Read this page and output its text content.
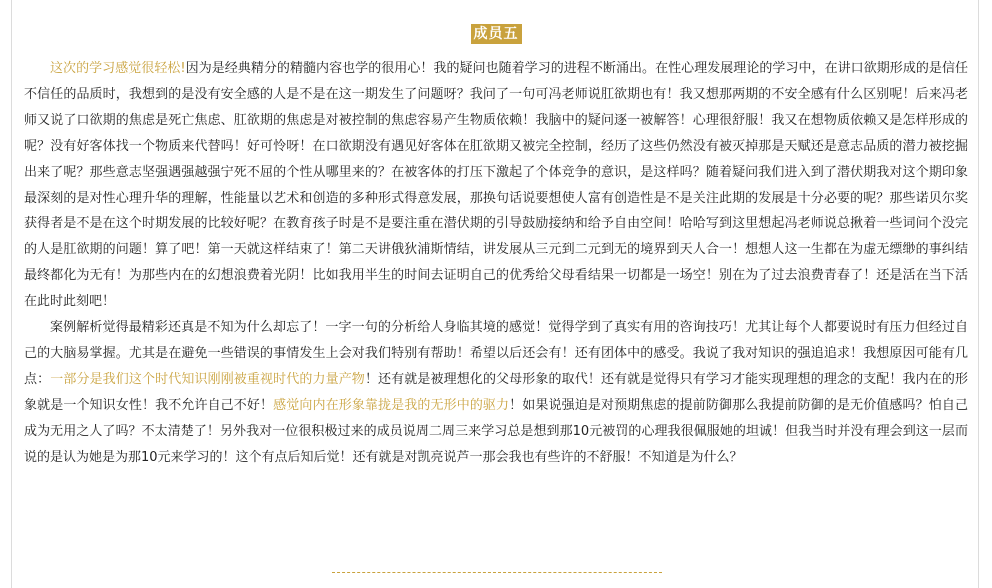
成员五

这次的学习感觉很轻松!因为是经典精分的精髓内容也学的很用心！我的疑问也随着学习的进程不断涌出。在性心理发展理论的学习中，在讲口欲期形成的是信任不信任的品质时，我想到的是没有安全感的人是不是在这一期发生了问题呀？我问了一句可冯老师说肛欲期也有！我又想那两期的不安全感有什么区别呢！后来冯老师又说了口欲期的焦虑是死亡焦虑、肛欲期的焦虑是对被控制的焦虑容易产生物质依赖！我脑中的疑问逐一被解答！心理很舒服！我又在想物质依赖又是怎样形成的呢？没有好客体找一个物质来代替吗！好可怜呀！在口欲期没有遇见好客体在肛欲期又被完全控制，经历了这些仍然没有被灭掉那是天赋还是意志品质的潜力被挖掘出来了呢？那些意志坚强遇强越强宁死不屈的个性从哪里来的？在被客体的打压下激起了个体竞争的意识，是这样吗？随着疑问我们进入到了潜伏期我对这个期印象最深刻的是对性心理升华的理解，性能量以艺术和创造的多种形式得意发展，那换句话说要想使人富有创造性是不是关注此期的发展是十分必要的呢？那些诺贝尔奖获得者是不是在这个时期发展的比较好呢？在教育孩子时是不是要注重在潜伏期的引导鼓励接纳和给予自由空间！哈哈写到这里想起冯老师说总揪着一些词问个没完的人是肛欲期的问题！算了吧！第一天就这样结束了！第二天讲俄狄浦斯情结，讲发展从三元到二元到无的境界到天人合一！想想人这一生都在为虚无缥缈的事纠结最终都化为无有！为那些内在的幻想浪费着光阴！比如我用半生的时间去证明自己的优秀给父母看结果一切都是一场空！别在为了过去浪费青春了！还是活在当下活在此时此刻吧！

案例解析觉得最精彩还真是不知为什么却忘了！一字一句的分析给人身临其境的感觉！觉得学到了真实有用的咨询技巧！尤其让每个人都要说时有压力但经过自己的大脑易掌握。尤其是在避免一些错误的事情发生上会对我们特别有帮助！希望以后还会有！还有团体中的感受。我说了我对知识的强追追求！我想原因可能有几点：一部分是我们这个时代知识刚刚被重视时代的力量产物！还有就是被理想化的父母形象的取代！还有就是觉得只有学习才能实现理想的理念的支配！我内在的形象就是一个知识女性！我不允许自己不好！感觉向内在形象靠拢是我的无形中的驱力！如果说强迫是对预期焦虑的提前防御那么我提前防御的是无价值感吗？怕自己成为无用之人了吗？不太清楚了！另外我对一位很积极过来的成员说周二周三来学习总是想到那10元被罚的心理我很佩服她的坦诚！但我当时并没有理会到这一层而说的是认为她是为那10元来学习的！这个有点后知后觉！还有就是对凯亮说芦一那会我也有些许的不舒服！不知道是为什么？
